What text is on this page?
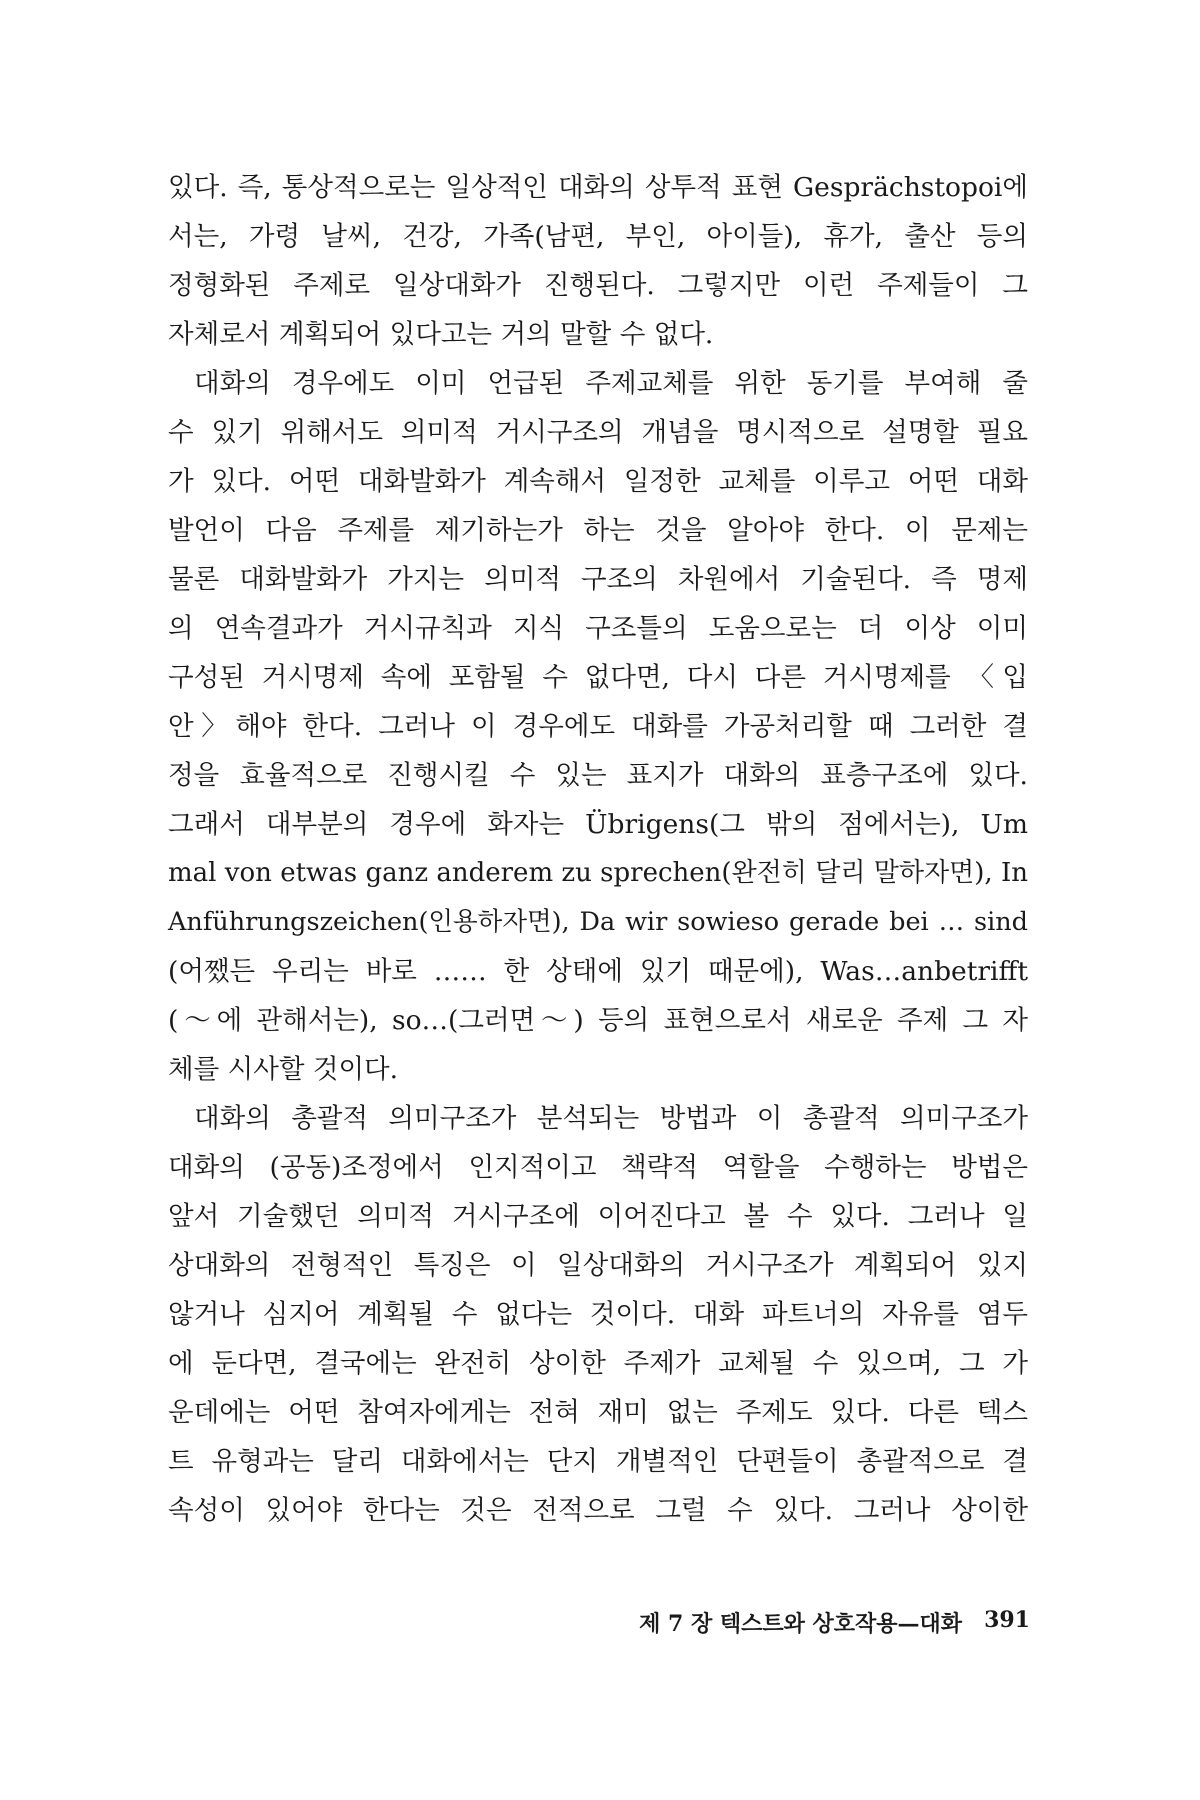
있다. 즉, 통상적으로는 일상적인 대화의 상투적 표현 Gesprächstopoi에
서는, 가령 날씨, 건강, 가족(남편, 부인, 아이들), 휴가, 출산 등의
정형화된 주제로 일상대화가 진행된다. 그렇지만 이런 주제들이 그
자체로서 계획되어 있다고는 거의 말할 수 없다.
대화의 경우에도 이미 언급된 주제교체를 위한 동기를 부여해 줄
수 있기 위해서도 의미적 거시구조의 개념을 명시적으로 설명할 필요
가 있다. 어떤 대화발화가 계속해서 일정한 교체를 이루고 어떤 대화
발언이 다음 주제를 제기하는가 하는 것을 알아야 한다. 이 문제는
물론 대화발화가 가지는 의미적 구조의 차원에서 기술된다. 즉 명제
의 연속결과가 거시규칙과 지식 구조틀의 도움으로는 더 이상 이미
구성된 거시명제 속에 포함될 수 없다면, 다시 다른 거시명제를 〈입
안〉해야 한다. 그러나 이 경우에도 대화를 가공처리할 때 그러한 결
정을 효율적으로 진행시킬 수 있는 표지가 대화의 표층구조에 있다.
그래서 대부분의 경우에 화자는 Übrigens(그 밖의 점에서는), Um
mal von etwas ganz anderem zu sprechen(완전히 달리 말하자면), In
Anführungszeichen(인용하자면), Da wir sowieso gerade bei … sind
(어쨌든 우리는 바로 …… 한 상태에 있기 때문에), Was…anbetrifft
(～에 관해서는), so…(그러면～) 등의 표현으로서 새로운 주제 그 자
체를 시사할 것이다.
대화의 총괄적 의미구조가 분석되는 방법과 이 총괄적 의미구조가
대화의 (공동)조정에서 인지적이고 책략적 역할을 수행하는 방법은
앞서 기술했던 의미적 거시구조에 이어진다고 볼 수 있다. 그러나 일
상대화의 전형적인 특징은 이 일상대화의 거시구조가 계획되어 있지
않거나 심지어 계획될 수 없다는 것이다. 대화 파트너의 자유를 염두
에 둔다면, 결국에는 완전히 상이한 주제가 교체될 수 있으며, 그 가
운데에는 어떤 참여자에게는 전혀 재미 없는 주제도 있다. 다른 텍스
트 유형과는 달리 대화에서는 단지 개별적인 단편들이 총괄적으로 결
속성이 있어야 한다는 것은 전적으로 그럴 수 있다. 그러나 상이한
제 7 장 텍스트와 상호작용—대화 391
